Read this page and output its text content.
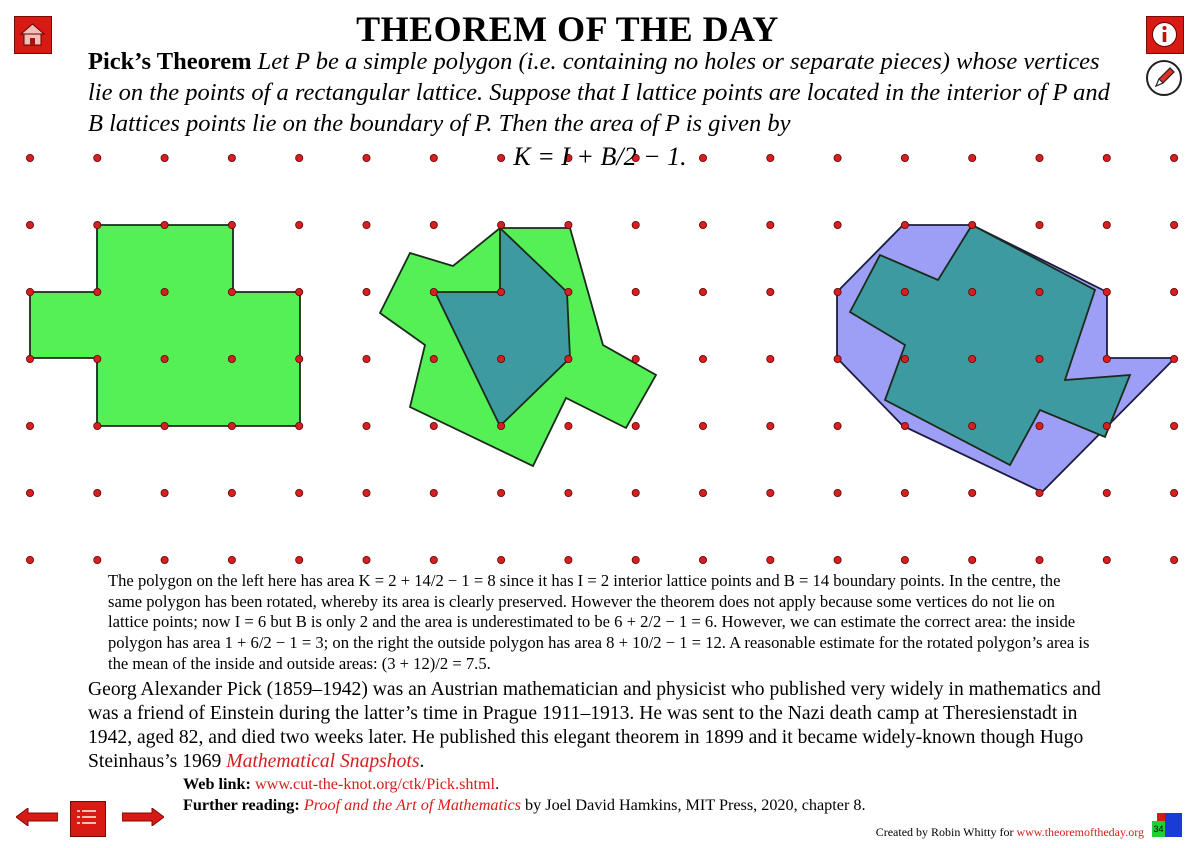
THEOREM OF THE DAY
Pick’s Theorem Let P be a simple polygon (i.e. containing no holes or separate pieces) whose vertices lie on the points of a rectangular lattice. Suppose that I lattice points are located in the interior of P and B lattices points lie on the boundary of P. Then the area of P is given by
K = I + B/2 − 1.
The polygon on the left here has area K = 2 + 14/2 − 1 = 8 since it has I = 2 interior lattice points and B = 14 boundary points. In the centre, the same polygon has been rotated, whereby its area is clearly preserved. However the theorem does not apply because some vertices do not lie on lattice points; now I = 6 but B is only 2 and the area is underestimated to be 6 + 2/2 − 1 = 6. However, we can estimate the correct area: the inside polygon has area 1 + 6/2 − 1 = 3; on the right the outside polygon has area 8 + 10/2 − 1 = 12. A reasonable estimate for the rotated polygon’s area is the mean of the inside and outside areas: (3 + 12)/2 = 7.5.
Georg Alexander Pick (1859–1942) was an Austrian mathematician and physicist who published very widely in mathematics and was a friend of Einstein during the latter’s time in Prague 1911–1913. He was sent to the Nazi death camp at Theresienstadt in 1942, aged 82, and died two weeks later. He published this elegant theorem in 1899 and it became widely-known though Hugo Steinhaus’s 1969 Mathematical Snapshots.
Web link: www.cut-the-knot.org/ctk/Pick.shtml.
Further reading: Proof and the Art of Mathematics by Joel David Hamkins, MIT Press, 2020, chapter 8.
Created by Robin Whitty for www.theoremoftheday.org 34
